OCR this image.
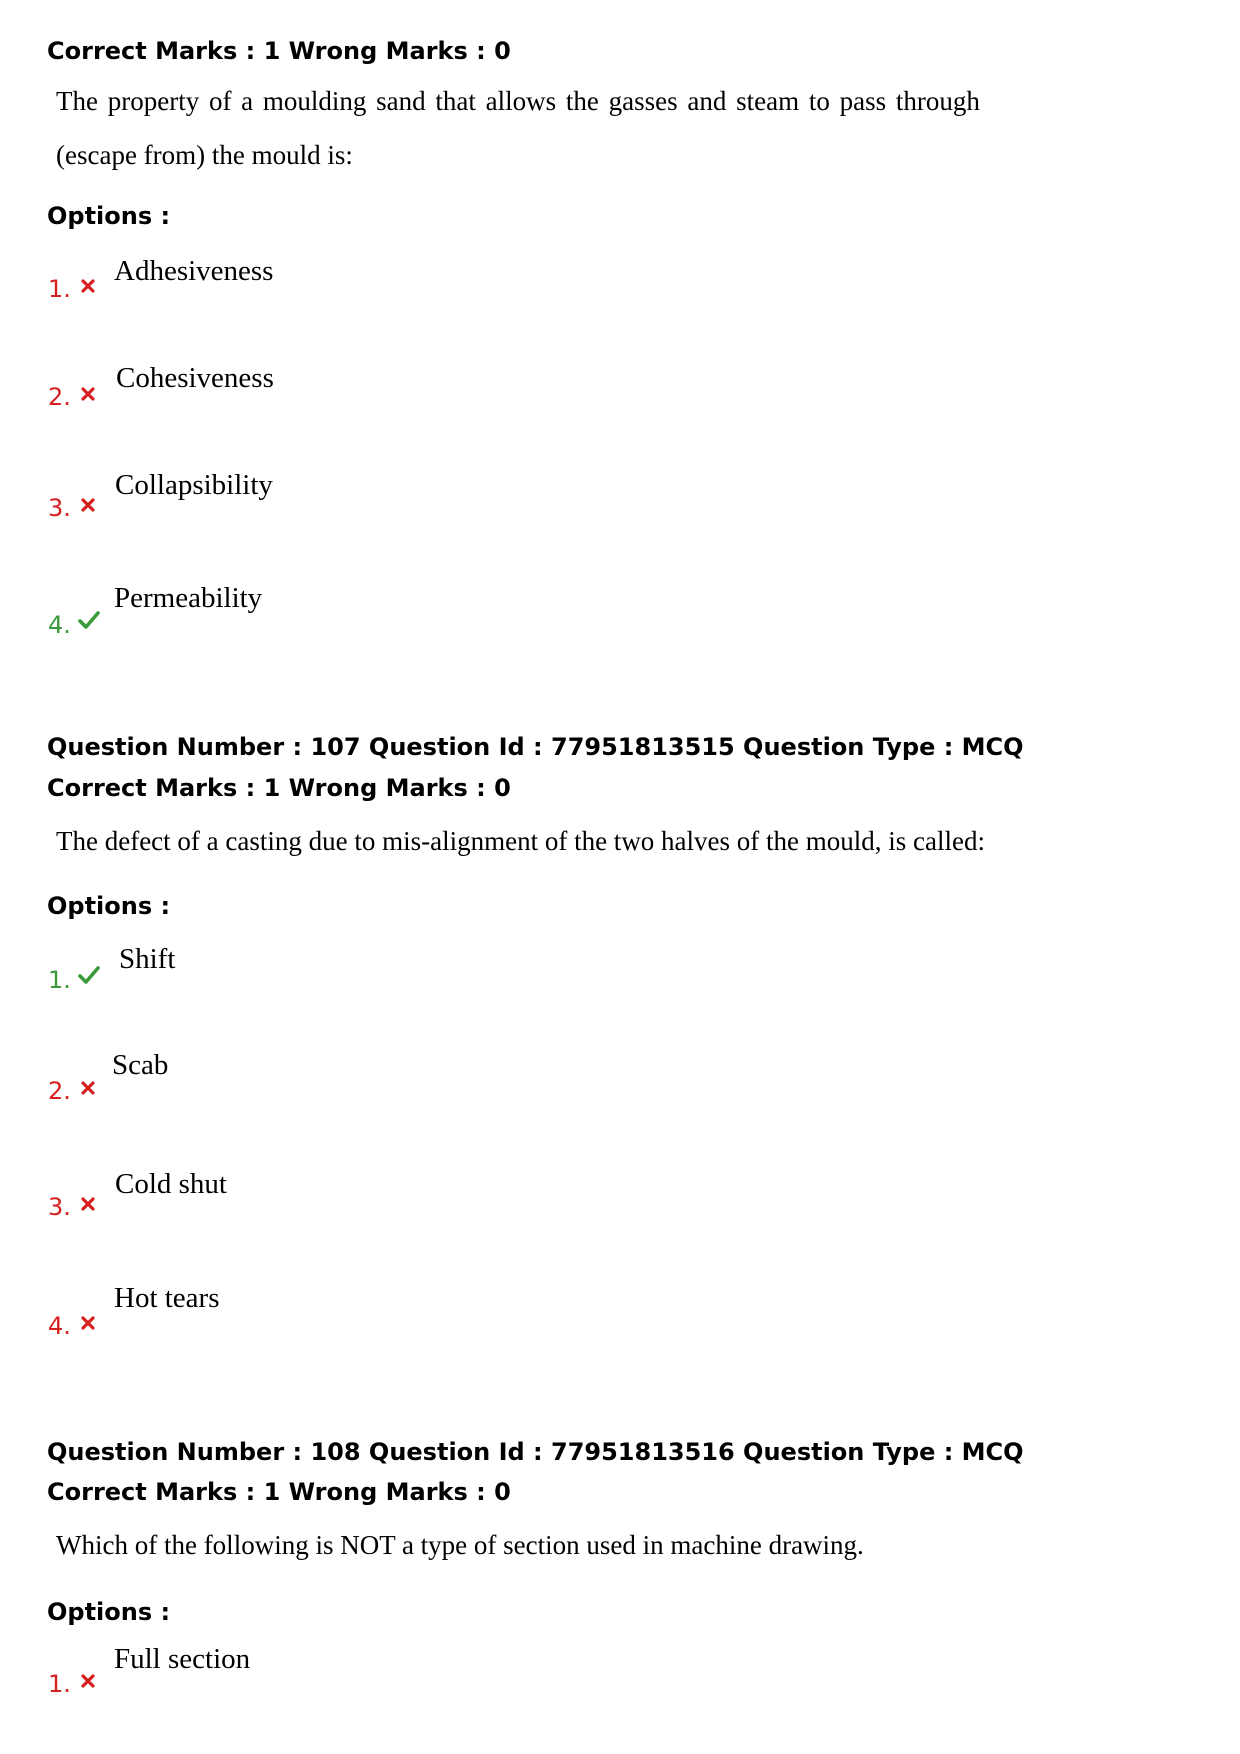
Correct Marks : 1 Wrong Marks : 0
The property of a moulding sand that allows the gasses and steam to pass through
(escape from) the mould is:
Options :
1.
Adhesiveness
2.
Cohesiveness
3.
Collapsibility
4.
Permeability
Question Number : 107 Question Id : 77951813515 Question Type : MCQ
Correct Marks : 1 Wrong Marks : 0
The defect of a casting due to mis-alignment of the two halves of the mould, is called:
Options :
1.
Shift
2.
Scab
3.
Cold shut
4.
Hot tears
Question Number : 108 Question Id : 77951813516 Question Type : MCQ
Correct Marks : 1 Wrong Marks : 0
Which of the following is NOT a type of section used in machine drawing.
Options :
1.
Full section
